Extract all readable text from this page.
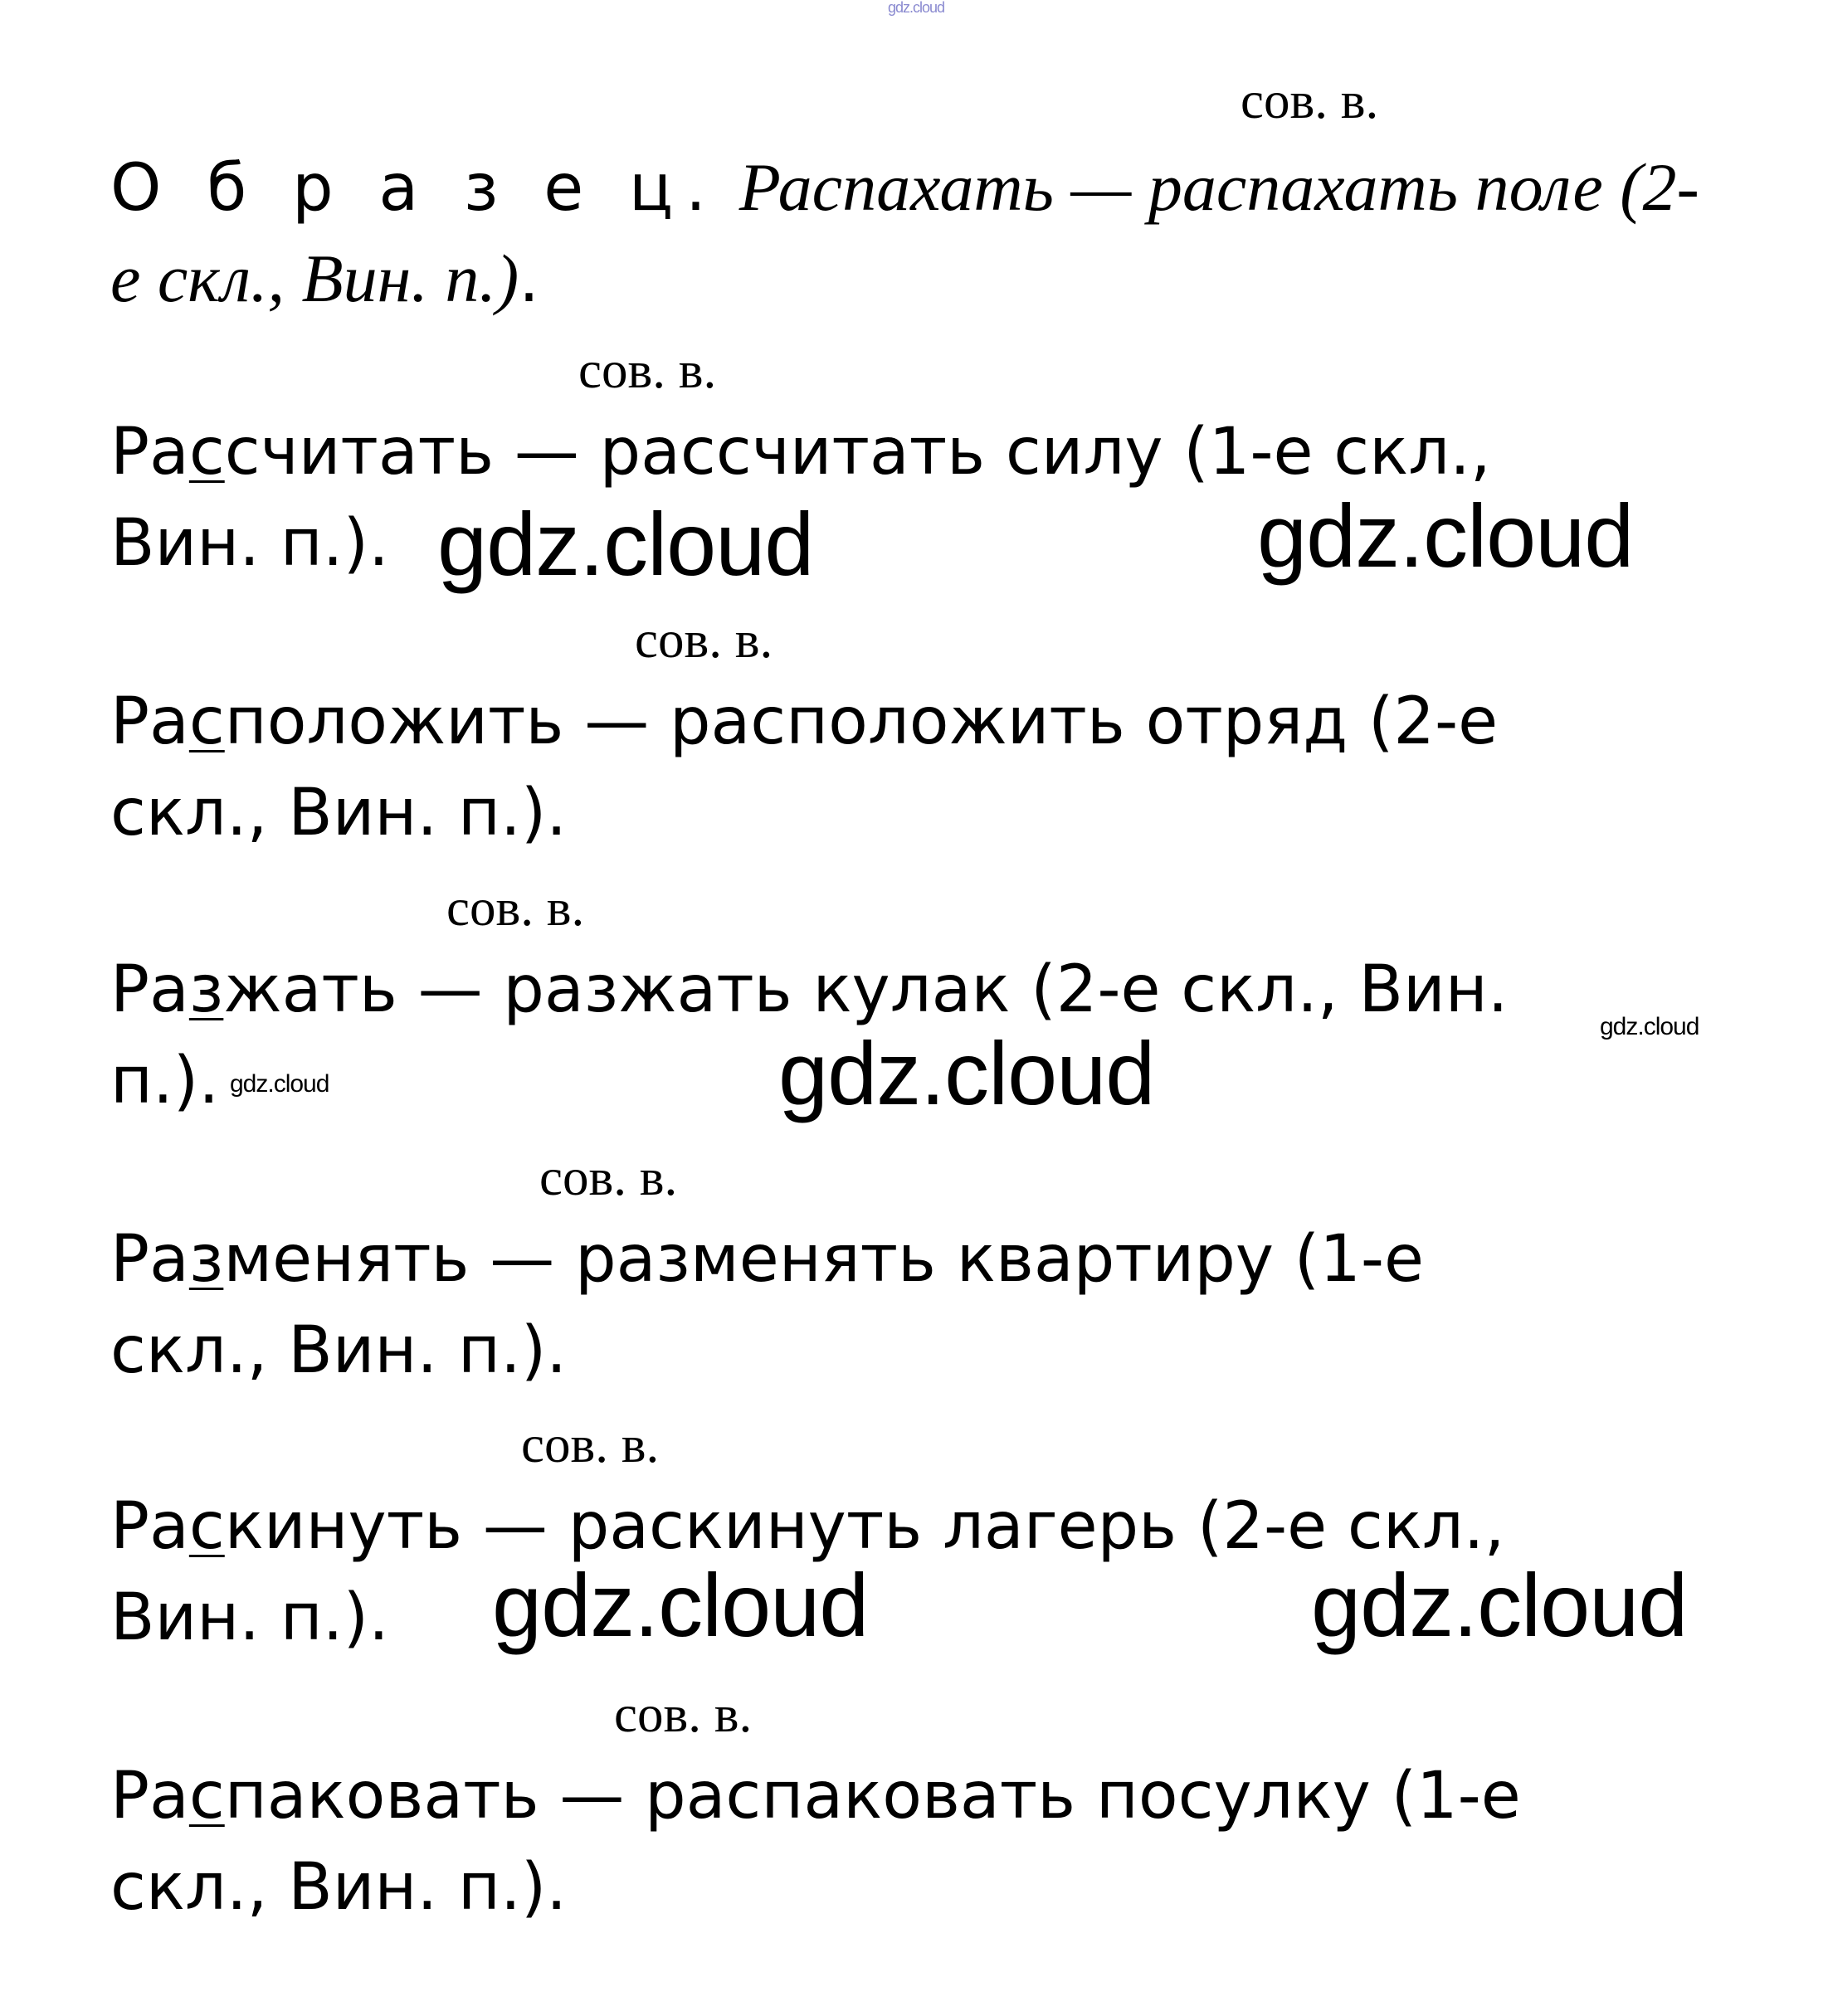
gdz.cloud
сов. в.
О б р а з е ц. Распахать — распахать поле (2-
е скл., Вин. п.).
сов. в.
Рассчитать — рассчитать силу (1-е скл.,
Вин. п.).
сов. в.
Расположить — расположить отряд (2-е
скл., Вин. п.).
сов. в.
Разжать — разжать кулак (2-е скл., Вин.
п.).
сов. в.
Разменять — разменять квартиру (1-е
скл., Вин. п.).
сов. в.
Раскинуть — раскинуть лагерь (2-е скл.,
Вин. п.).
сов. в.
Распаковать — распаковать посулку (1-е
скл., Вин. п.).
gdz.cloud	gdz.cloud
gdz.cloud
gdz.cloud	gdz.cloud
gdz.cloud	gdz.cloud
